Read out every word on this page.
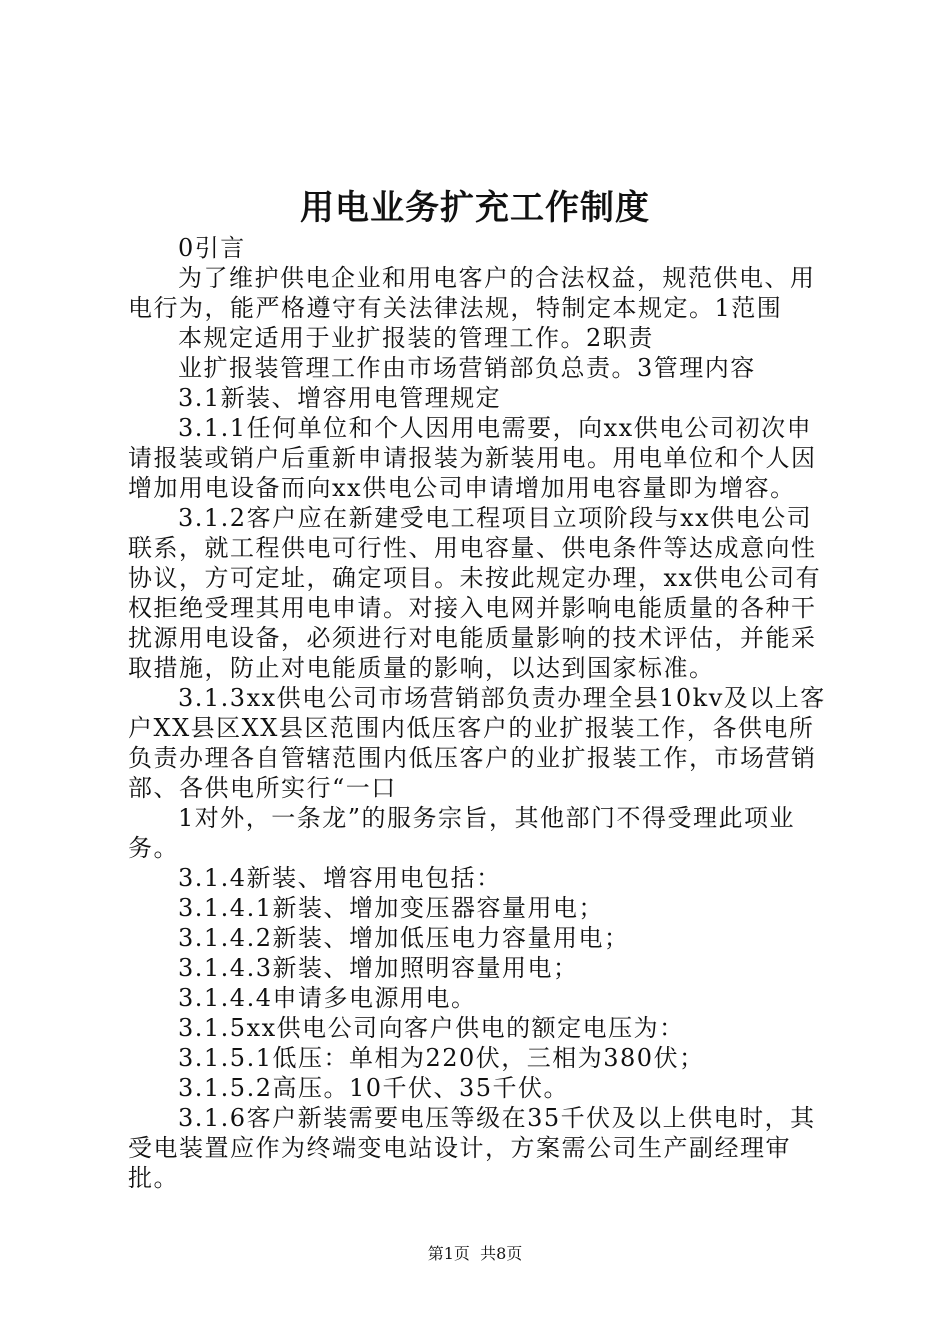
用电业务扩充工作制度

0引言

为了维护供电企业和用电客户的合法权益，规范供电、用电行为，能严格遵守有关法律法规，特制定本规定。1范围

本规定适用于业扩报装的管理工作。2职责

业扩报装管理工作由市场营销部负总责。3管理内容

3.1新装、增容用电管理规定

3.1.1任何单位和个人因用电需要，向xx供电公司初次申请报装或销户后重新申请报装为新装用电。用电单位和个人因增加用电设备而向xx供电公司申请增加用电容量即为增容。

3.1.2客户应在新建受电工程项目立项阶段与xx供电公司联系，就工程供电可行性、用电容量、供电条件等达成意向性协议，方可定址，确定项目。未按此规定办理，xx供电公司有权拒绝受理其用电申请。对接入电网并影响电能质量的各种干扰源用电设备，必须进行对电能质量影响的技术评估，并能采取措施，防止对电能质量的影响，以达到国家标准。

3.1.3xx供电公司市场营销部负责办理全县10kv及以上客户XX县区XX县区范围内低压客户的业扩报装工作，各供电所负责办理各自管辖范围内低压客户的业扩报装工作，市场营销部、各供电所实行“一口

1对外，一条龙”的服务宗旨，其他部门不得受理此项业务。

3.1.4新装、增容用电包括：

3.1.4.1新装、增加变压器容量用电；

3.1.4.2新装、增加低压电力容量用电；

3.1.4.3新装、增加照明容量用电；

3.1.4.4申请多电源用电。

3.1.5xx供电公司向客户供电的额定电压为：

3.1.5.1低压：单相为220伏，三相为380伏；

3.1.5.2高压。10千伏、35千伏。

3.1.6客户新装需要电压等级在35千伏及以上供电时，其受电装置应作为终端变电站设计，方案需公司生产副经理审批。

第1页  共8页
